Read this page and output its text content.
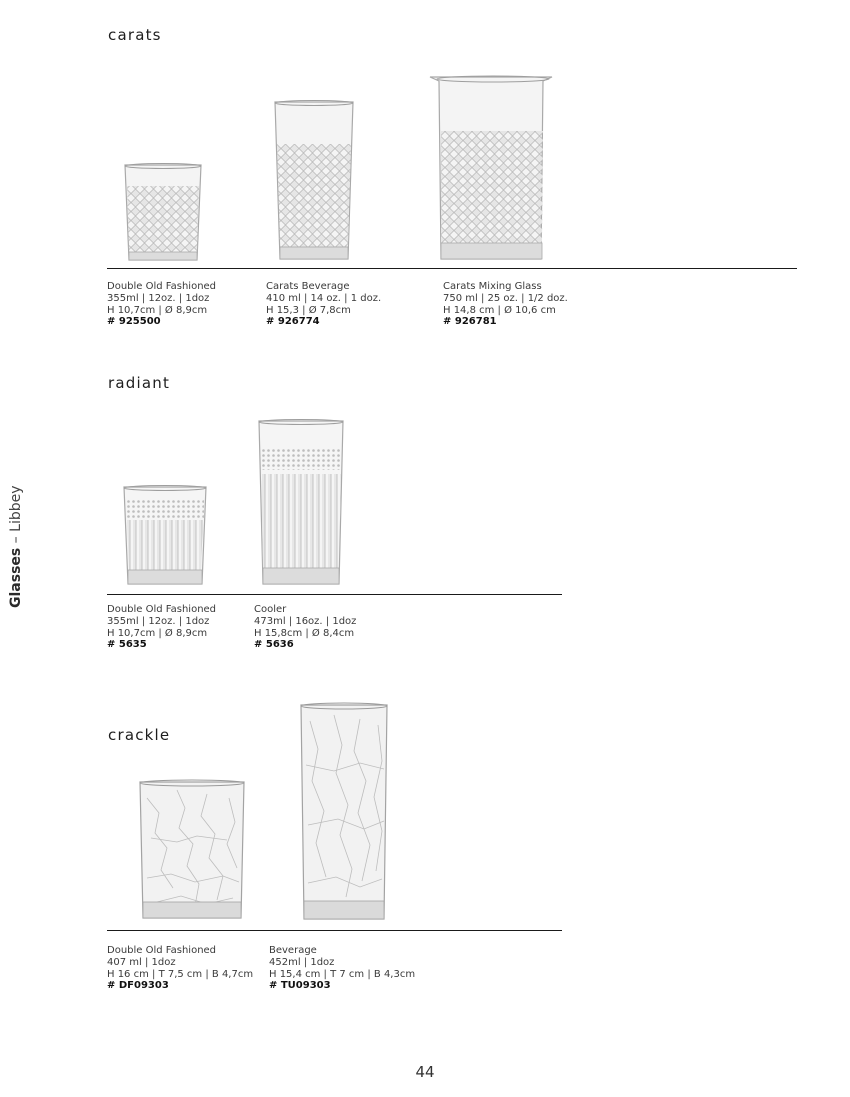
Glasses – Libbey
carats
Double Old Fashioned
355ml | 12oz. | 1doz
H 10,7cm | Ø 8,9cm
# 925500
Carats Beverage
410 ml | 14 oz. | 1 doz.
H 15,3 | Ø 7,8cm
# 926774
Carats Mixing Glass
750 ml | 25 oz. | 1/2 doz.
H 14,8 cm | Ø 10,6 cm
# 926781
radiant
Double Old Fashioned
355ml | 12oz. | 1doz
H 10,7cm | Ø 8,9cm
# 5635
Cooler
473ml | 16oz. | 1doz
H 15,8cm | Ø 8,4cm
# 5636
crackle
Double Old Fashioned
407 ml | 1doz
H 16 cm | T 7,5 cm | B 4,7cm
# DF09303
Beverage
452ml | 1doz
H 15,4 cm | T 7 cm | B 4,3cm
# TU09303
44
